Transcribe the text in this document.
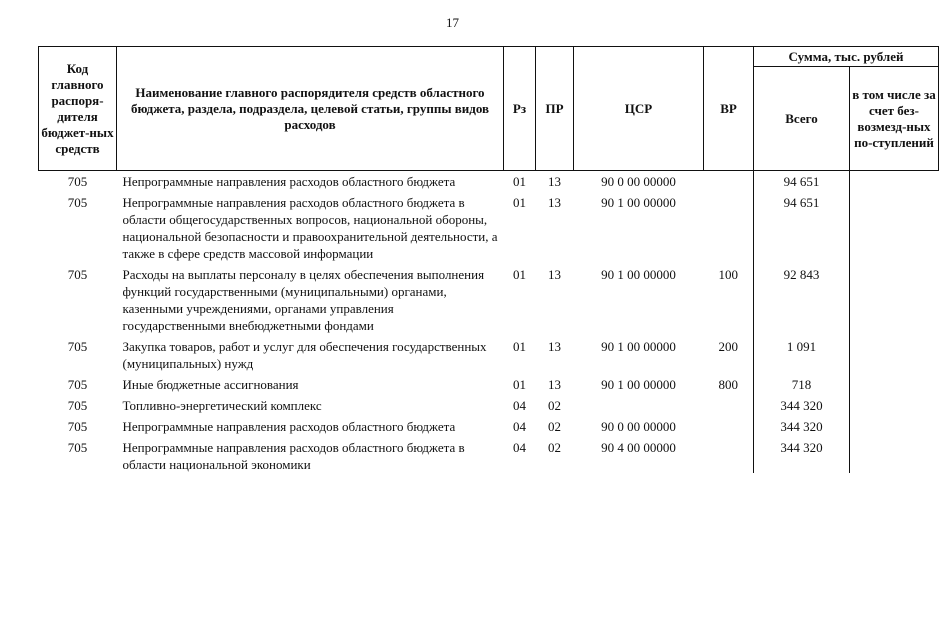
17
Код главного распоря-дителя бюджет-ных средств	Наименование главного распорядителя средств областного бюджета, раздела, подраздела, целевой статьи, группы видов расходов	Рз	ПР	ЦСР	ВР	Сумма, тыс. рублей	
						Всего	в том числе за счет без-возмезд-ных по-ступлений
705	Непрограммные направления расходов областного бюджета	01	13	90 0 00 00000		94 651	
705	Непрограммные направления расходов областного бюджета в области общегосударственных вопросов, национальной обороны, национальной безопасности и правоохранительной деятельности, а также в сфере средств массовой информации	01	13	90 1 00 00000		94 651	
705	Расходы на выплаты персоналу в целях обеспечения выполнения функций государственными (муниципальными) органами, казенными учреждениями, органами управления государственными внебюджетными фондами	01	13	90 1 00 00000	100	92 843	
705	Закупка товаров, работ и услуг для обеспечения государственных (муниципальных) нужд	01	13	90 1 00 00000	200	1 091	
705	Иные бюджетные ассигнования	01	13	90 1 00 00000	800	718	
705	Топливно-энергетический комплекс	04	02			344 320	
705	Непрограммные направления расходов областного бюджета	04	02	90 0 00 00000		344 320	
705	Непрограммные направления расходов областного бюджета в области национальной экономики	04	02	90 4 00 00000		344 320	
